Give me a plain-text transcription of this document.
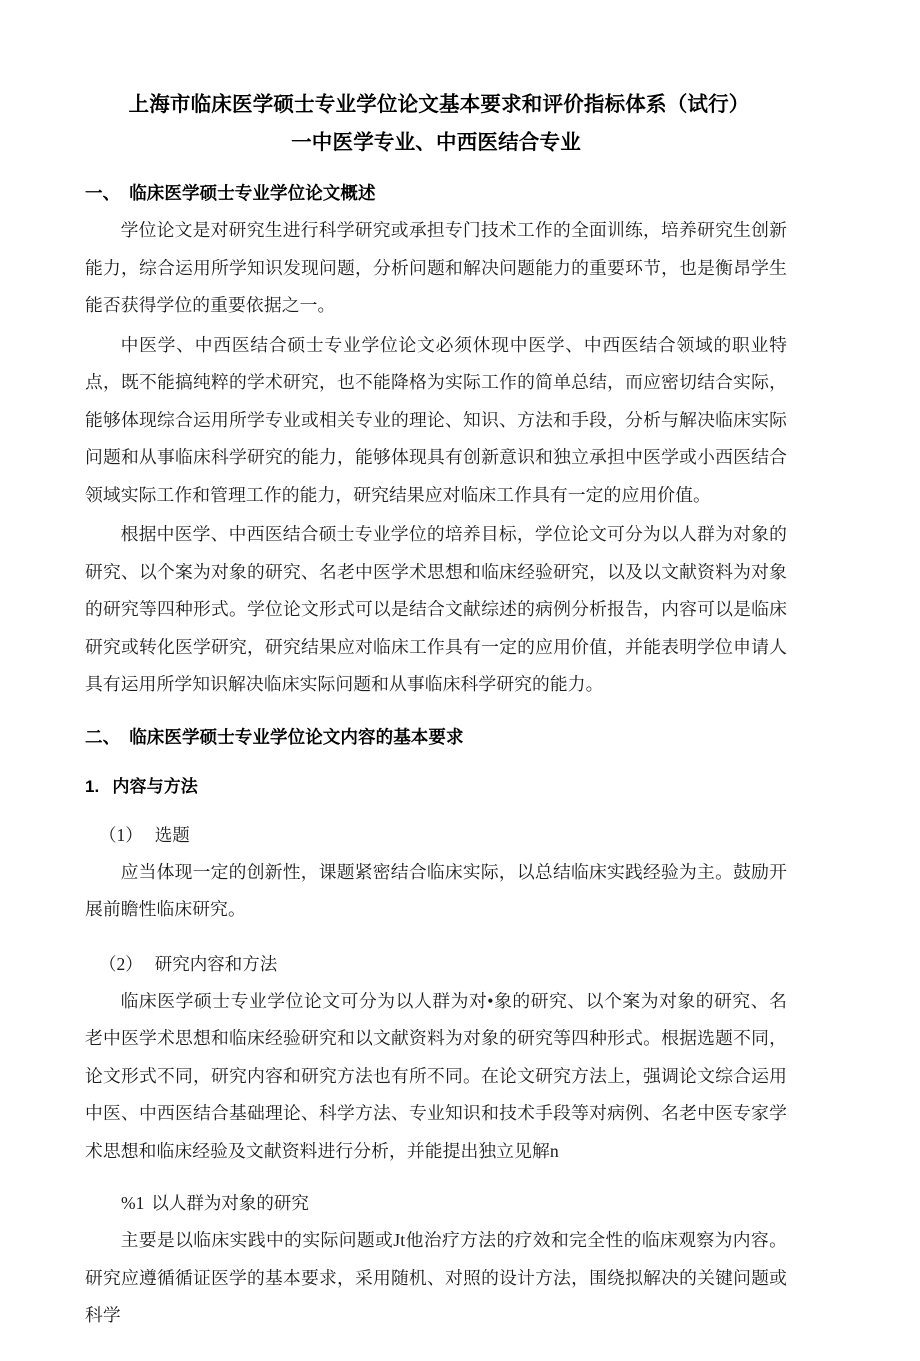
上海市临床医学硕士专业学位论文基本要求和评价指标体系（试行）
一中医学专业、中西医结合专业
一、 临床医学硕士专业学位论文概述

学位论文是对研究生进行科学研究或承担专门技术工作的全面训练，培养研究生创新能力，综合运用所学知识发现问题，分析问题和解决问题能力的重要环节，也是衡昂学生能否获得学位的重要依据之一。

中医学、中西医结合硕士专业学位论文必须休现中医学、中西医结合领域的职业特点，既不能搞纯粹的学术研究，也不能降格为实际工作的简单总结，而应密切结合实际，能够体现综合运用所学专业或相关专业的理论、知识、方法和手段，分析与解决临床实际问题和从事临床科学研究的能力，能够体现具有创新意识和独立承担中医学或小西医结合领域实际工作和管理工作的能力，研究结果应对临床工作具有一定的应用价值。

根据中医学、中西医结合硕士专业学位的培养目标，学位论文可分为以人群为对象的研究、以个案为对象的研究、名老中医学术思想和临床经验研究，以及以文献资料为对象的研究等四种形式。学位论文形式可以是结合文献综述的病例分析报告，内容可以是临床研究或转化医学研究，研究结果应对临床工作具有一定的应用价值，并能表明学位申请人具有运用所学知识解决临床实际问题和从事临床科学研究的能力。

二、 临床医学硕士专业学位论文内容的基本要求
1. 内容与方法
（1） 选题

应当体现一定的创新性，课题紧密结合临床实际，以总结临床实践经验为主。鼓励开展前瞻性临床研究。

（2） 研究内容和方法

临床医学硕士专业学位论文可分为以人群为对•象的研究、以个案为对象的研究、名老中医学术思想和临床经验研究和以文献资料为对象的研究等四种形式。根据选题不同，论文形式不同，研究内容和研究方法也有所不同。在论文研究方法上，强调论文综合运用中医、中西医结合基础理论、科学方法、专业知识和技术手段等对病例、名老中医专家学术思想和临床经验及文献资料进行分析，并能提出独立见解n

%1 以人群为对象的研究

主要是以临床实践中的实际问题或Jt他治疗方法的疗效和完全性的临床观察为内容。研究应遵循循证医学的基本要求，采用随机、对照的设计方法，围绕拟解决的关键问题或科学
